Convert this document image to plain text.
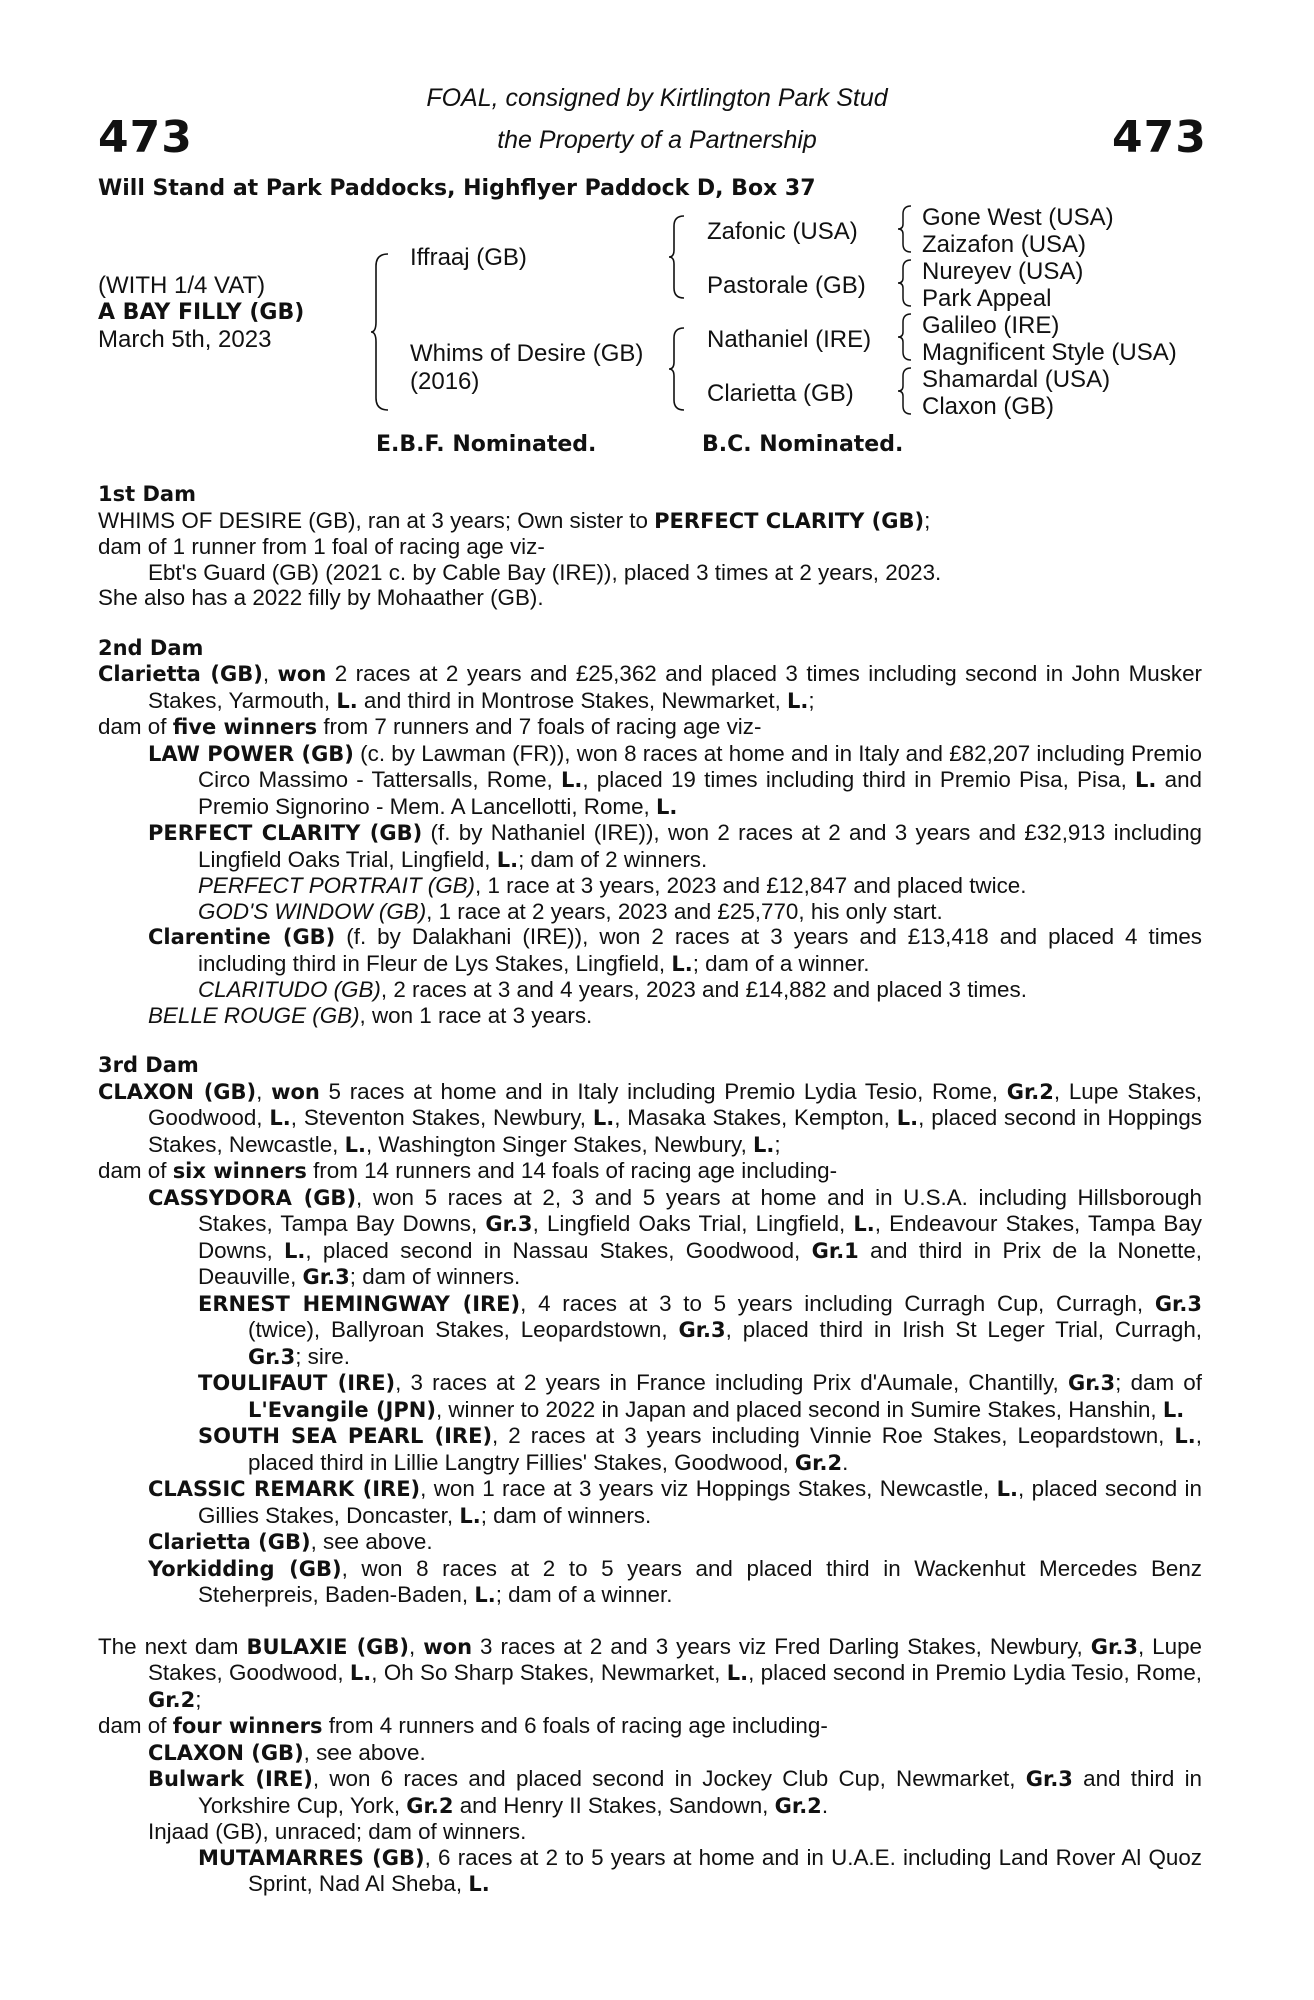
473	473
FOAL, consigned by Kirtlington Park Stud
the Property of a Partnership
Will Stand at Park Paddocks, Highflyer Paddock D, Box 37
(WITH 1/4 VAT)
A BAY FILLY (GB)
March 5th, 2023
Iffraaj (GB)
Whims of Desire (GB)
(2016)
Zafonic (USA)
Pastorale (GB)
Nathaniel (IRE)
Clarietta (GB)
Gone West (USA)
Zaizafon (USA)
Nureyev (USA)
Park Appeal
Galileo (IRE)
Magnificent Style (USA)
Shamardal (USA)
Claxon (GB)
E.B.F. Nominated.	B.C. Nominated.

1st Dam

WHIMS OF DESIRE (GB), ran at 3 years; Own sister to PERFECT CLARITY (GB);

dam of 1 runner from 1 foal of racing age viz-

Ebt's Guard (GB) (2021 c. by Cable Bay (IRE)), placed 3 times at 2 years, 2023.

She also has a 2022 filly by Mohaather (GB).

2nd Dam

Clarietta (GB), won 2 races at 2 years and £25,362 and placed 3 times including second in John Musker Stakes, Yarmouth, L. and third in Montrose Stakes, Newmarket, L.;

dam of five winners from 7 runners and 7 foals of racing age viz-

LAW POWER (GB) (c. by Lawman (FR)), won 8 races at home and in Italy and £82,207 including Premio Circo Massimo - Tattersalls, Rome, L., placed 19 times including third in Premio Pisa, Pisa, L. and Premio Signorino - Mem. A Lancellotti, Rome, L.

PERFECT CLARITY (GB) (f. by Nathaniel (IRE)), won 2 races at 2 and 3 years and £32,913 including Lingfield Oaks Trial, Lingfield, L.; dam of 2 winners.

PERFECT PORTRAIT (GB), 1 race at 3 years, 2023 and £12,847 and placed twice.

GOD'S WINDOW (GB), 1 race at 2 years, 2023 and £25,770, his only start.

Clarentine (GB) (f. by Dalakhani (IRE)), won 2 races at 3 years and £13,418 and placed 4 times including third in Fleur de Lys Stakes, Lingfield, L.; dam of a winner.

CLARITUDO (GB), 2 races at 3 and 4 years, 2023 and £14,882 and placed 3 times.

BELLE ROUGE (GB), won 1 race at 3 years.

3rd Dam

CLAXON (GB), won 5 races at home and in Italy including Premio Lydia Tesio, Rome, Gr.2, Lupe Stakes, Goodwood, L., Steventon Stakes, Newbury, L., Masaka Stakes, Kempton, L., placed second in Hoppings Stakes, Newcastle, L., Washington Singer Stakes, Newbury, L.;

dam of six winners from 14 runners and 14 foals of racing age including-

CASSYDORA (GB), won 5 races at 2, 3 and 5 years at home and in U.S.A. including Hillsborough Stakes, Tampa Bay Downs, Gr.3, Lingfield Oaks Trial, Lingfield, L., Endeavour Stakes, Tampa Bay Downs, L., placed second in Nassau Stakes, Goodwood, Gr.1 and third in Prix de la Nonette, Deauville, Gr.3; dam of winners.

ERNEST HEMINGWAY (IRE), 4 races at 3 to 5 years including Curragh Cup, Curragh, Gr.3 (twice), Ballyroan Stakes, Leopardstown, Gr.3, placed third in Irish St Leger Trial, Curragh, Gr.3; sire.

TOULIFAUT (IRE), 3 races at 2 years in France including Prix d'Aumale, Chantilly, Gr.3; dam of L'Evangile (JPN), winner to 2022 in Japan and placed second in Sumire Stakes, Hanshin, L.

SOUTH SEA PEARL (IRE), 2 races at 3 years including Vinnie Roe Stakes, Leopardstown, L., placed third in Lillie Langtry Fillies' Stakes, Goodwood, Gr.2.

CLASSIC REMARK (IRE), won 1 race at 3 years viz Hoppings Stakes, Newcastle, L., placed second in Gillies Stakes, Doncaster, L.; dam of winners.

Clarietta (GB), see above.

Yorkidding (GB), won 8 races at 2 to 5 years and placed third in Wackenhut Mercedes Benz Steherpreis, Baden-Baden, L.; dam of a winner.

The next dam BULAXIE (GB), won 3 races at 2 and 3 years viz Fred Darling Stakes, Newbury, Gr.3, Lupe Stakes, Goodwood, L., Oh So Sharp Stakes, Newmarket, L., placed second in Premio Lydia Tesio, Rome, Gr.2;

dam of four winners from 4 runners and 6 foals of racing age including-

CLAXON (GB), see above.

Bulwark (IRE), won 6 races and placed second in Jockey Club Cup, Newmarket, Gr.3 and third in Yorkshire Cup, York, Gr.2 and Henry II Stakes, Sandown, Gr.2.

Injaad (GB), unraced; dam of winners.

MUTAMARRES (GB), 6 races at 2 to 5 years at home and in U.A.E. including Land Rover Al Quoz Sprint, Nad Al Sheba, L.
